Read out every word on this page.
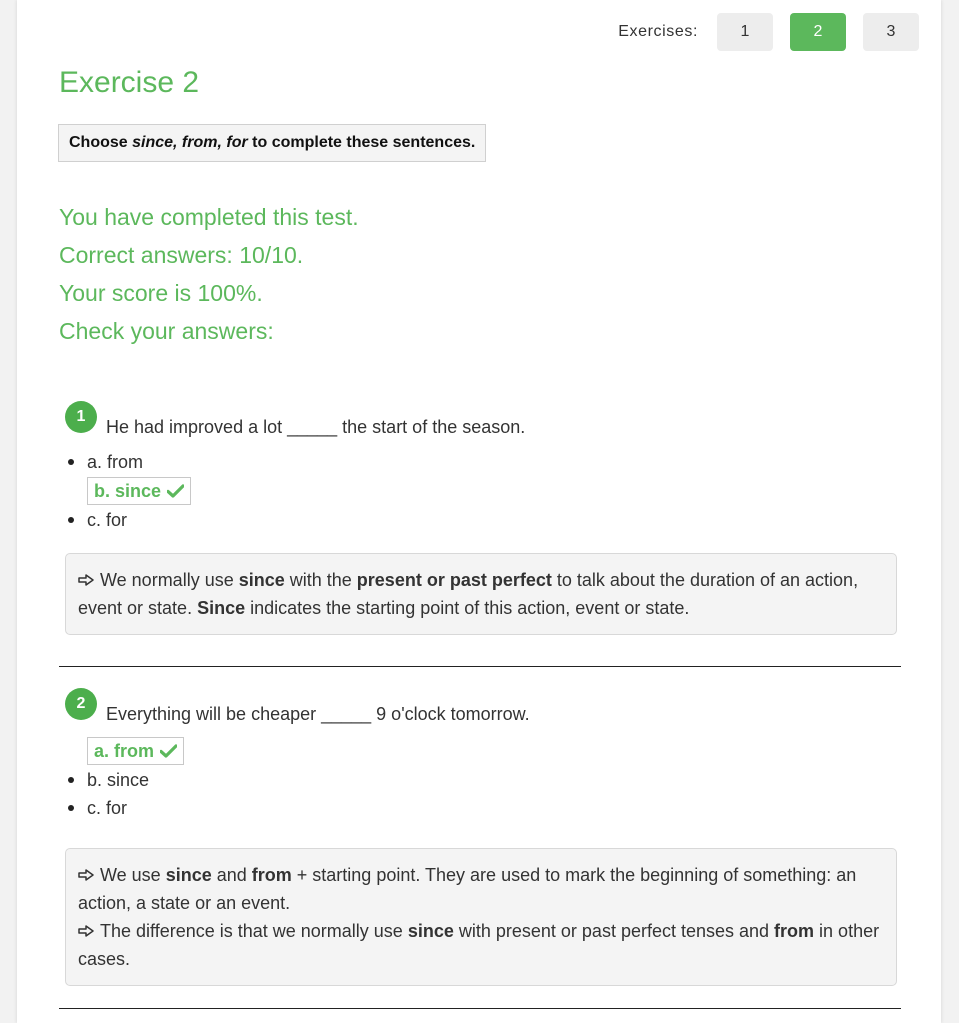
Exercises:	1	2	3
Exercise 2
Choose since, from, for to complete these sentences.
You have completed this test.
Correct answers: 10/10.
Your score is 100%.
Check your answers:
1	He had improved a lot _____ the start of the season.
a. from
b. since
c. for

We normally use since with the present or past perfect to talk about the duration of an action, event or state. Since indicates the starting point of this action, event or state.

2	Everything will be cheaper _____ 9 o'clock tomorrow.
a. from
b. since
c. for

We use since and from + starting point. They are used to mark the beginning of something: an action, a state or an event.

The difference is that we normally use since with present or past perfect tenses and from in other cases.
